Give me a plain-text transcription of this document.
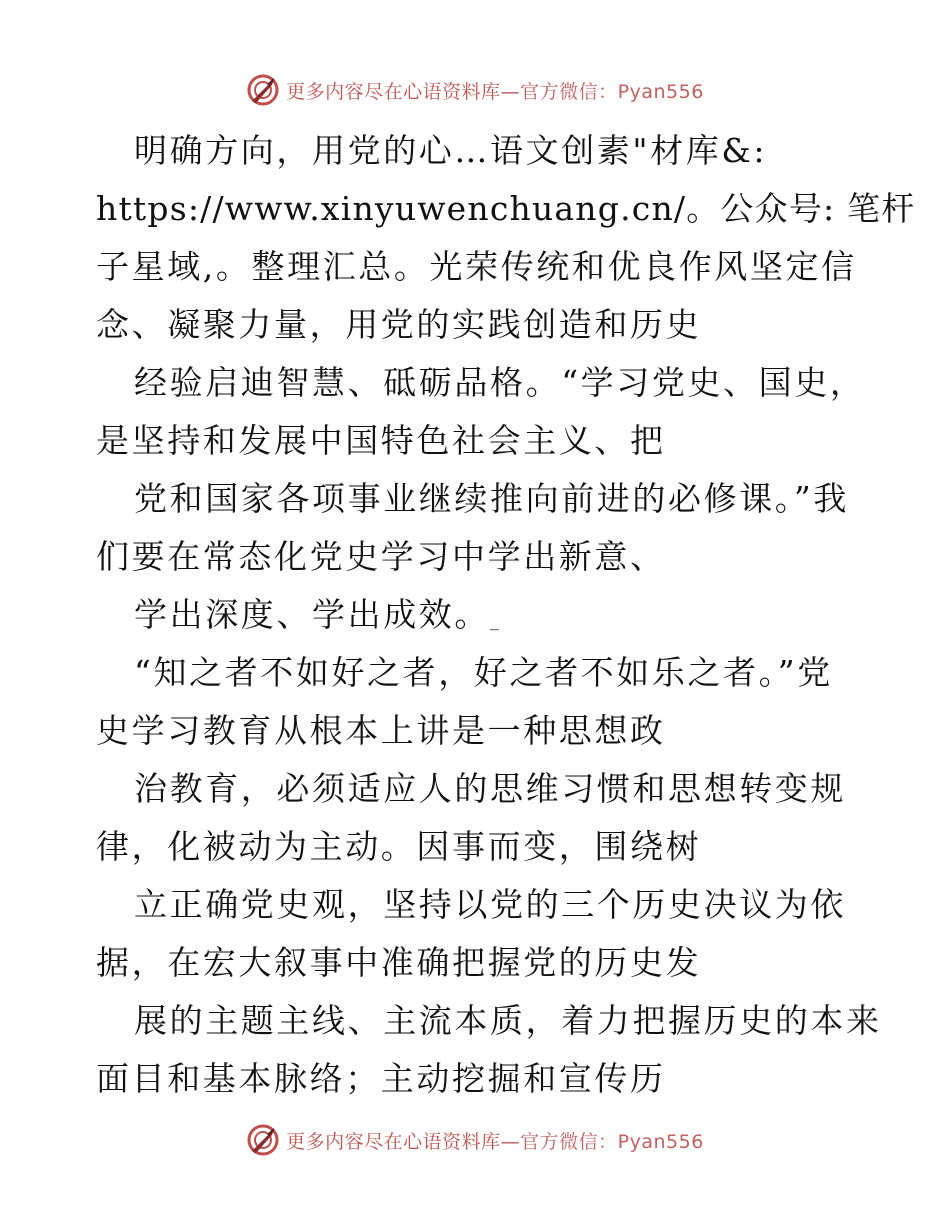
更多内容尽在心语资料库—官方微信：Pyan556
明确方向，用党的心…语文创素"材库&:
https://www.xinyuwenchuang.cn/。公众号: 笔杆
子星域,。整理汇总。光荣传统和优良作风坚定信
念、凝聚力量，用党的实践创造和历史
经验启迪智慧、砥砺品格。“学习党史、国史，
是坚持和发展中国特色社会主义、把
党和国家各项事业继续推向前进的必修课。”我
们要在常态化党史学习中学出新意、
学出深度、学出成效。_
“知之者不如好之者，好之者不如乐之者。”党
史学习教育从根本上讲是一种思想政
治教育，必须适应人的思维习惯和思想转变规
律，化被动为主动。因事而变，围绕树
立正确党史观，坚持以党的三个历史决议为依
据，在宏大叙事中准确把握党的历史发
展的主题主线、主流本质，着力把握历史的本来
面目和基本脉络；主动挖掘和宣传历
更多内容尽在心语资料库—官方微信：Pyan556
